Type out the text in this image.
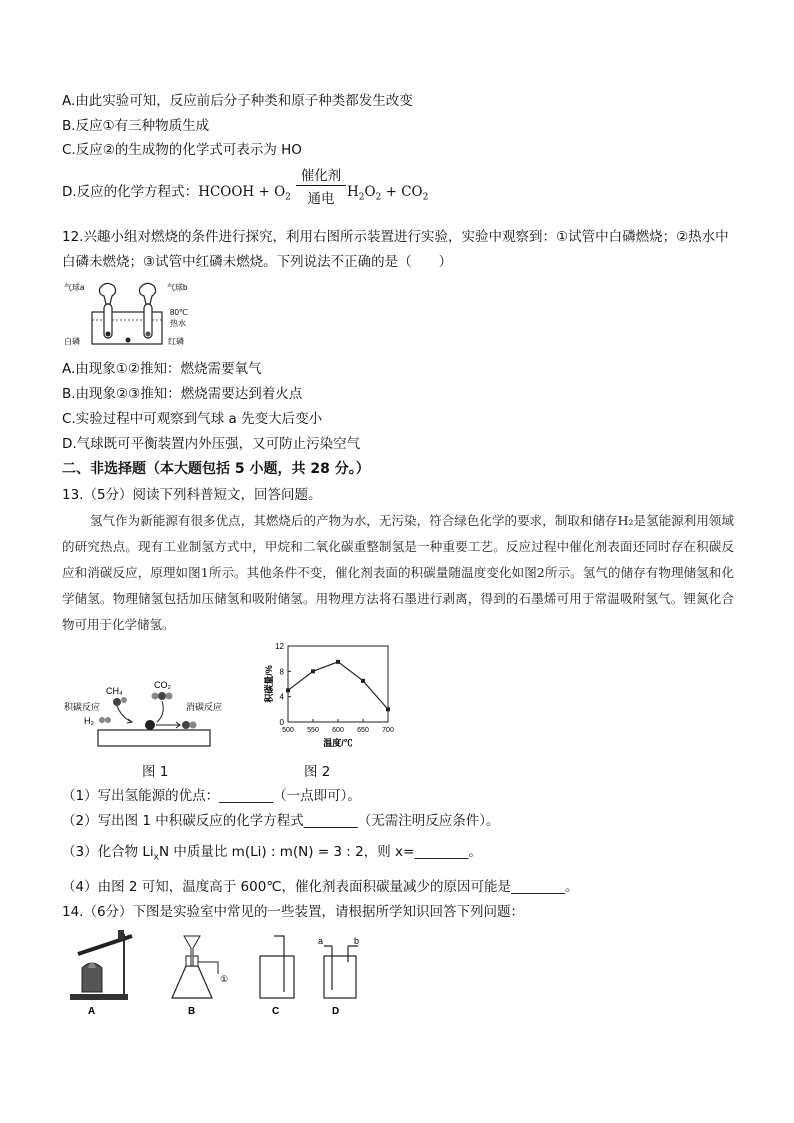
A.由此实验可知，反应前后分子种类和原子种类都发生改变
B.反应①有三种物质生成
C.反应②的生成物的化学式可表示为 HO
D.反应的化学方程式：HCOOH + $O_2$
催化剂
通电 $H_2O_2 + CO_2$
12.兴趣小组对燃烧的条件进行探究，利用右图所示装置进行实验，实验中观察到：①试管中白磷燃烧；②热水中
白磷未燃烧；③试管中红磷未燃烧。下列说法不正确的是（　　）
气球a	气球b
80℃
热水
白磷	红磷
A.由现象①②推知：燃烧需要氧气
B.由现象②③推知：燃烧需要达到着火点
C.实验过程中可观察到气球 a 先变大后变小
D.气球既可平衡装置内外压强，又可防止污染空气
二、非选择题（本大题包括 5 小题，共 28 分。）
13.（5分）阅读下列科普短文，回答问题。
氢气作为新能源有很多优点，其燃烧后的产物为水，无污染，符合绿色化学的要求，制取和储存H₂是氢能源利用领域的研究热点。现有工业制氢方式中，甲烷和二氧化碳重整制氢是一种重要工艺。反应过程中催化剂表面还同时存在积碳反应和消碳反应，原理如图1所示。其他条件不变，催化剂表面的积碳量随温度变化如图2所示。氢气的储存有物理储氢和化学储氢。物理储氢包括加压储氢和吸附储氢。用物理方法将石墨进行剥离，得到的石墨烯可用于常温吸附氢气。锂氮化合物可用于化学储氢。
CH₄
CO₂
积碳反应	消碳反应
H₂
图 1
0
4
8
12
500 550 600 650 700
温度/℃
积碳量/%
图 2
（1）写出氢能源的优点：________（一点即可）。
（2）写出图 1 中积碳反应的化学方程式________（无需注明反应条件）。
（3）化合物 $Li_xN$ 中质量比 m(Li) : m(N) = 3 : 2，则 x=________。
（4）由图 2 可知，温度高于 600℃，催化剂表面积碳量减少的原因可能是________。
14.（6分）下图是实验室中常见的一些装置，请根据所学知识回答下列问题：
A
①
B	C
a	b
D
